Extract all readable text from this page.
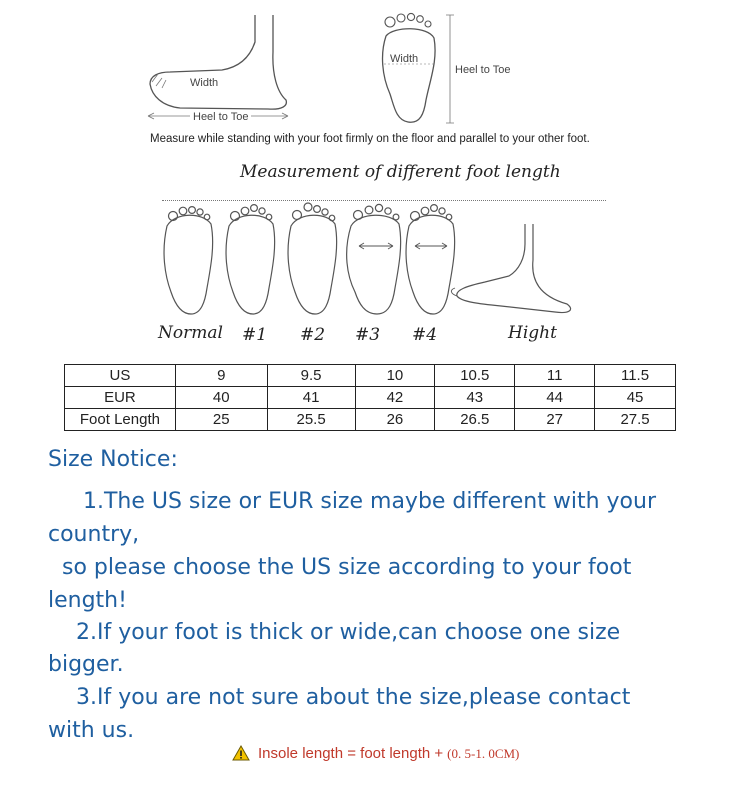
Width
Heel to Toe
Width
Heel to Toe
Measure while standing with your foot firmly on the floor and parallel to your other foot.
Measurement of different foot length
Normal #1 #2 #3 #4	Hight
US	9	9.5	10	10.5	11	11.5
EUR	40	41	42	43	44	45
Foot Length	25	25.5	26	26.5	27	27.5
Size Notice:
1.The US size or EUR size maybe different with your
country,
so please choose the US size according to your foot
length!
2.If your foot is thick or wide,can choose one size
bigger.
3.If you are not sure about the size,please contact
with us.
Insole length = foot length + (0. 5-1. 0CM)
